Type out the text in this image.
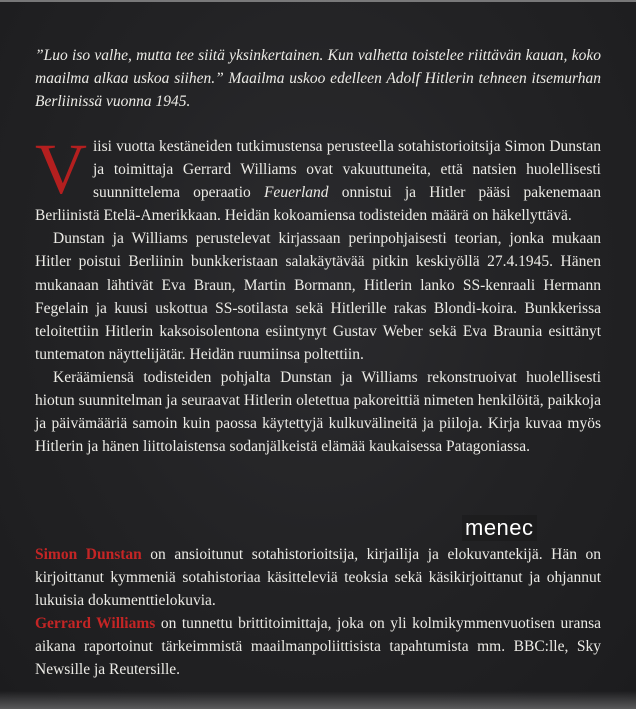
”Luo iso valhe, mutta tee siitä yksinkertainen. Kun valhetta toistelee riittävän kauan, koko maailma alkaa uskoa siihen.” Maailma uskoo edelleen Adolf Hitlerin tehneen itsemurhan Berliinissä vuonna 1945.

Viisi vuotta kestäneiden tutkimustensa perusteella sotahistorioitsija Simon Dunstan ja toimittaja Gerrard Williams ovat vakuuttuneita, että natsien huolellisesti suunnittelema operaatio Feuerland onnistui ja Hitler pääsi pakenemaan Berliinistä Etelä-Amerikkaan. Heidän kokoamiensa todisteiden määrä on häkellyttävä.

Dunstan ja Williams perustelevat kirjassaan perinpohjaisesti teorian, jonka mukaan Hitler poistui Berliinin bunkkeristaan salakäytävää pitkin keskiyöllä 27.4.1945. Hänen mukanaan lähtivät Eva Braun, Martin Bormann, Hitlerin lanko SS-kenraali Hermann Fegelain ja kuusi uskottua SS-sotilasta sekä Hitlerille rakas Blondi-koira. Bunkkerissa teloitettiin Hitlerin kaksoisolentona esiintynyt Gustav Weber sekä Eva Braunia esittänyt tuntematon näyttelijätär. Heidän ruumiinsa poltettiin.

Keräämiensä todisteiden pohjalta Dunstan ja Williams rekonstruoivat huolellisesti hiotun suunnitelman ja seuraavat Hitlerin oletettua pakoreittiä nimeten henkilöitä, paikkoja ja päivämääriä samoin kuin paossa käytettyjä kulkuvälineitä ja piiloja. Kirja kuvaa myös Hitlerin ja hänen liittolaistensa sodanjälkeistä elämää kaukaisessa Patagoniassa.

Simon Dunstan on ansioitunut sotahistorioitsija, kirjailija ja elokuvantekijä. Hän on kirjoittanut kymmeniä sotahistoriaa käsitteleviä teoksia sekä käsikirjoittanut ja ohjannut lukuisia dokumenttielokuvia.

Gerrard Williams on tunnettu brittitoimittaja, joka on yli kolmikymmenvuotisen uransa aikana raportoinut tärkeimmistä maailmanpoliittisista tapahtumista mm. BBC:lle, Sky Newsille ja Reutersille.

menec
